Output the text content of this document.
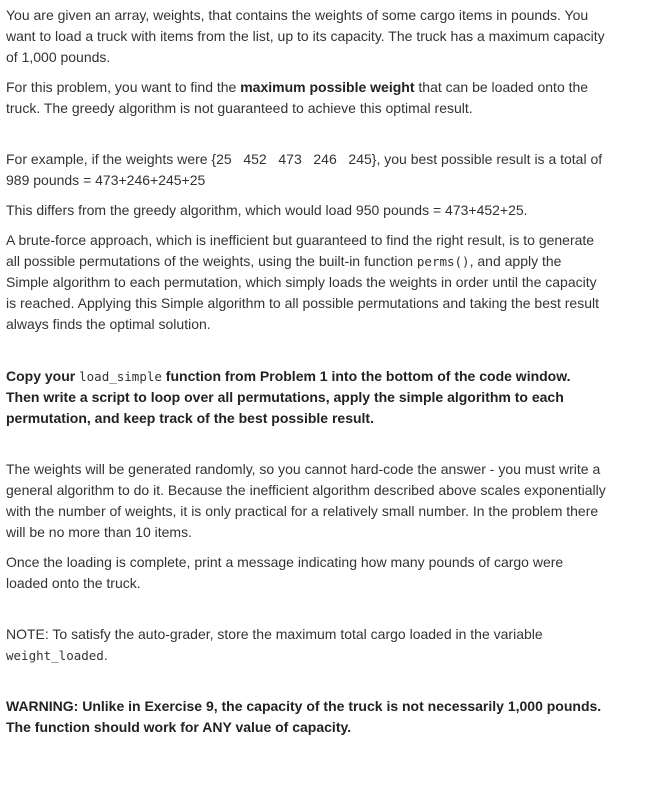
You are given an array, weights, that contains the weights of some cargo items in pounds. You want to load a truck with items from the list, up to its capacity. The truck has a maximum capacity of 1,000 pounds.

For this problem, you want to find the maximum possible weight that can be loaded onto the truck. The greedy algorithm is not guaranteed to achieve this optimal result.

For example, if the weights were {25   452   473   246   245}, you best possible result is a total of 989 pounds = 473+246+245+25

This differs from the greedy algorithm, which would load 950 pounds = 473+452+25.

A brute-force approach, which is inefficient but guaranteed to find the right result, is to generate all possible permutations of the weights, using the built-in function perms(), and apply the Simple algorithm to each permutation, which simply loads the weights in order until the capacity is reached. Applying this Simple algorithm to all possible permutations and taking the best result always finds the optimal solution.

Copy your load_simple function from Problem 1 into the bottom of the code window. Then write a script to loop over all permutations, apply the simple algorithm to each permutation, and keep track of the best possible result.

The weights will be generated randomly, so you cannot hard-code the answer - you must write a general algorithm to do it. Because the inefficient algorithm described above scales exponentially with the number of weights, it is only practical for a relatively small number. In the problem there will be no more than 10 items.

Once the loading is complete, print a message indicating how many pounds of cargo were loaded onto the truck.

NOTE: To satisfy the auto-grader, store the maximum total cargo loaded in the variable weight_loaded.

WARNING: Unlike in Exercise 9, the capacity of the truck is not necessarily 1,000 pounds. The function should work for ANY value of capacity.
